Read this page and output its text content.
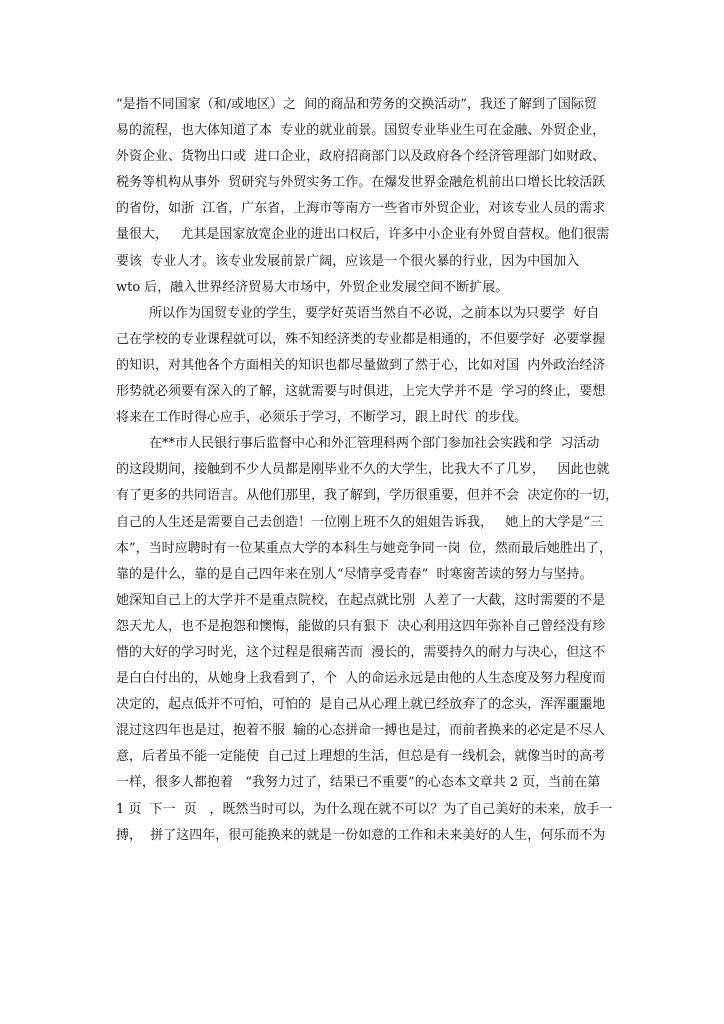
“是指不同国家（和/或地区）之  间的商品和劳务的交换活动”，我还了解到了国际贸
易的流程，也大体知道了本  专业的就业前景。国贸专业毕业生可在金融、外贸企业，
外资企业、货物出口或  进口企业，政府招商部门以及政府各个经济管理部门如财政、
税务等机构从事外  贸研究与外贸实务工作。在爆发世界金融危机前出口增长比较活跃
的省份，如浙  江省，广东省，上海市等南方一些省市外贸企业，对该专业人员的需求
量很大，   尤其是国家放宽企业的进出口权后，许多中小企业有外贸自营权。他们很需
要该  专业人才。该专业发展前景广阔，应该是一个很火暴的行业，因为中国加入
wto 后，融入世界经济贸易大市场中，外贸企业发展空间不断扩展。
所以作为国贸专业的学生，要学好英语当然自不必说，之前本以为只要学  好自
己在学校的专业课程就可以，殊不知经济类的专业都是相通的，不但要学好  必要掌握
的知识，对其他各个方面相关的知识也都尽量做到了然于心，比如对国  内外政治经济
形势就必须要有深入的了解，这就需要与时俱进，上完大学并不是  学习的终止，要想
将来在工作时得心应手，必须乐于学习，不断学习，跟上时代  的步伐。
在**市人民银行事后监督中心和外汇管理科两个部门参加社会实践和学  习活动
的这段期间，接触到不少人员都是刚毕业不久的大学生，比我大不了几岁，   因此也就
有了更多的共同语言。从他们那里，我了解到，学历很重要，但并不会  决定你的一切，
自己的人生还是需要自己去创造！一位刚上班不久的姐姐告诉我，   她上的大学是“三
本”，当时应聘时有一位某重点大学的本科生与她竞争同一岗  位，然而最后她胜出了，
靠的是什么，靠的是自己四年来在别人“尽情享受青春”  时寒窗苦读的努力与坚持。
她深知自己上的大学并不是重点院校，在起点就比别  人差了一大截，这时需要的不是
怨天尤人，也不是抱怨和懊悔，能做的只有狠下  决心利用这四年弥补自己曾经没有珍
惜的大好的学习时光，这个过程是很痛苦而  漫长的，需要持久的耐力与决心，但这不
是白白付出的，从她身上我看到了，个  人的命运永远是由他的人生态度及努力程度而
决定的，起点低并不可怕，可怕的  是自己从心理上就已经放弃了的念头，浑浑噩噩地
混过这四年也是过，抱着不服  输的心态拼命一搏也是过，而前者换来的必定是不尽人
意，后者虽不能一定能使  自己过上理想的生活，但总是有一线机会，就像当时的高考
一样，很多人都抱着   “我努力过了，结果已不重要”的心态本文章共 2 页，当前在第
1 页  下一  页   ，既然当时可以，为什么现在就不可以？为了自己美好的未来，放手一
搏，  拼了这四年，很可能换来的就是一份如意的工作和未来美好的人生，何乐而不为
